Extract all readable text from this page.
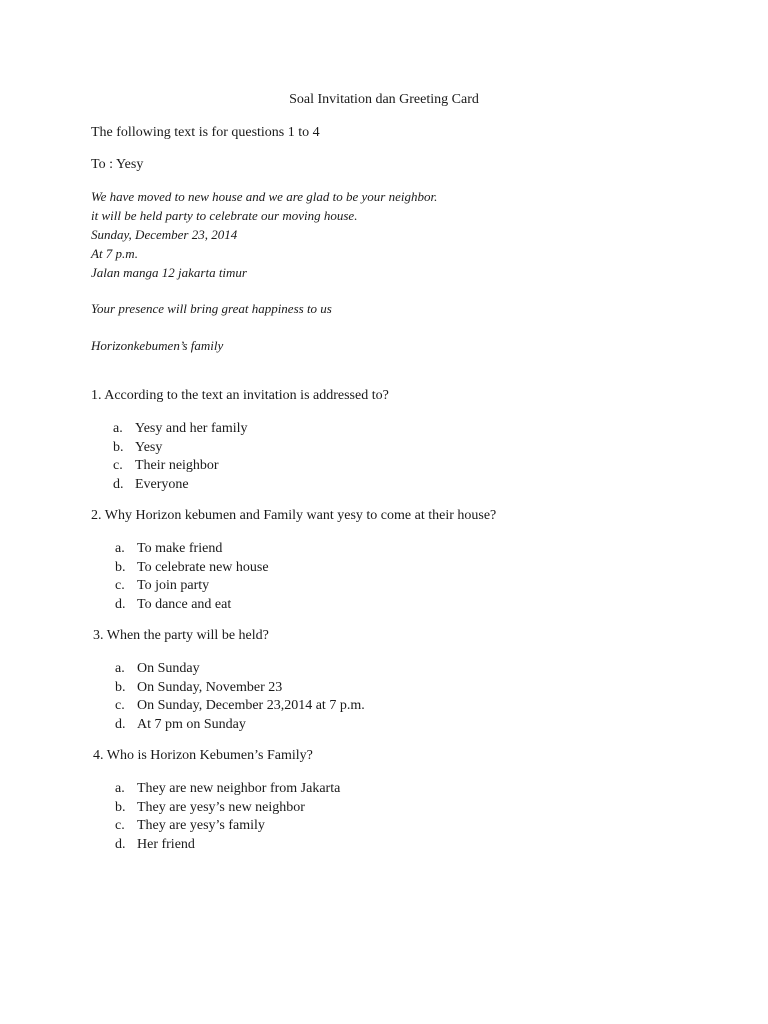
Soal Invitation dan Greeting Card
The following text is for questions 1 to 4
To : Yesy
We have moved to new house and we are glad to be your neighbor.
it will be held party to celebrate our moving house.
Sunday, December 23, 2014
At 7 p.m.
Jalan manga 12 jakarta timur
Your presence will bring great happiness to us
Horizonkebumen’s family
1. According to the text an invitation is addressed to?
a. Yesy and her family
b. Yesy
c. Their neighbor
d. Everyone
2. Why Horizon kebumen and Family want yesy to come at their house?
a. To make friend
b. To celebrate new house
c. To join party
d. To dance and eat
3. When the party will be held?
a. On Sunday
b. On Sunday, November 23
c. On Sunday, December 23,2014 at 7 p.m.
d. At 7 pm on Sunday
4. Who is Horizon Kebumen’s Family?
a. They are new neighbor from Jakarta
b. They are yesy’s new neighbor
c. They are yesy’s family
d. Her friend
